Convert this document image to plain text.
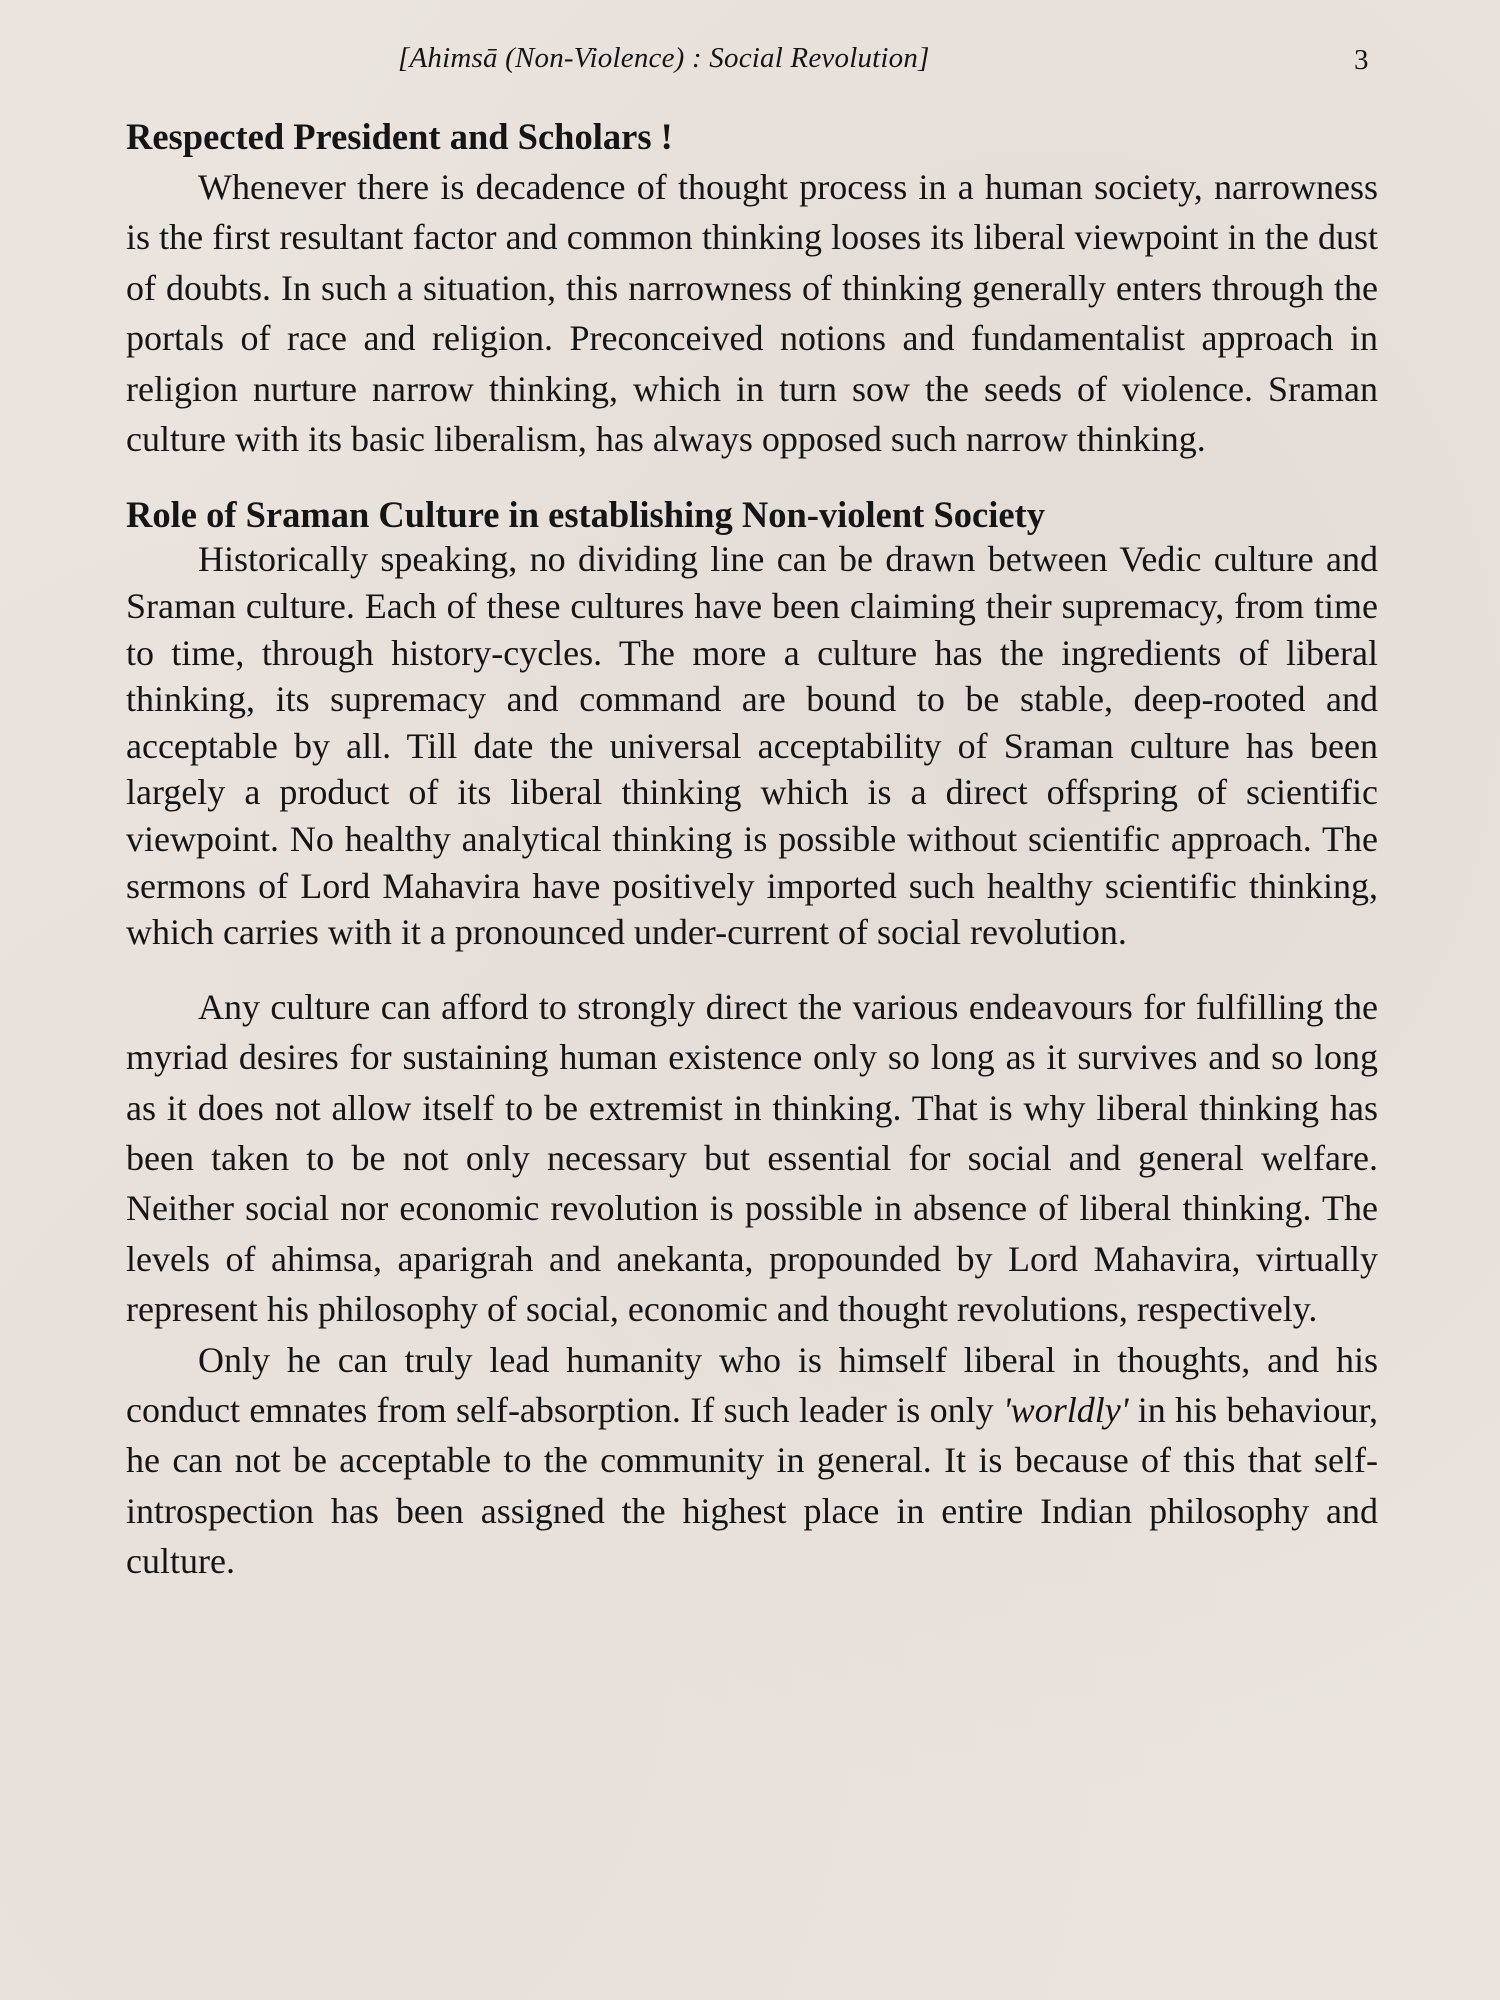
[Ahimsā (Non-Violence) : Social Revolution]	3
Respected President and Scholars !

Whenever there is decadence of thought process in a human society, narrowness is the first resultant factor and common thinking looses its liberal viewpoint in the dust of doubts. In such a situation, this narrowness of thinking generally enters through the portals of race and religion. Preconceived notions and fundamentalist approach in religion nurture narrow thinking, which in turn sow the seeds of violence. Sraman culture with its basic liberalism, has always opposed such narrow thinking.

Role of Sraman Culture in establishing Non-violent Society

Historically speaking, no dividing line can be drawn between Vedic culture and Sraman culture. Each of these cultures have been claiming their supremacy, from time to time, through history-cycles. The more a culture has the ingredients of liberal thinking, its supremacy and command are bound to be stable, deep-rooted and acceptable by all. Till date the universal acceptability of Sraman culture has been largely a product of its liberal thinking which is a direct offspring of scientific viewpoint. No healthy analytical thinking is possible without scientific approach. The sermons of Lord Mahavira have positively imported such healthy scientific thinking, which carries with it a pronounced under-current of social revolution.

Any culture can afford to strongly direct the various endeavours for fulfilling the myriad desires for sustaining human existence only so long as it survives and so long as it does not allow itself to be extremist in thinking. That is why liberal thinking has been taken to be not only necessary but essential for social and general welfare. Neither social nor economic revolution is possible in absence of liberal thinking. The levels of ahimsa, aparigrah and anekanta, propounded by Lord Mahavira, virtually represent his philosophy of social, economic and thought revolutions, respectively.

Only he can truly lead humanity who is himself liberal in thoughts, and his conduct emnates from self-absorption. If such leader is only 'worldly' in his behaviour, he can not be acceptable to the community in general. It is because of this that self-introspection has been assigned the highest place in entire Indian philosophy and culture.
